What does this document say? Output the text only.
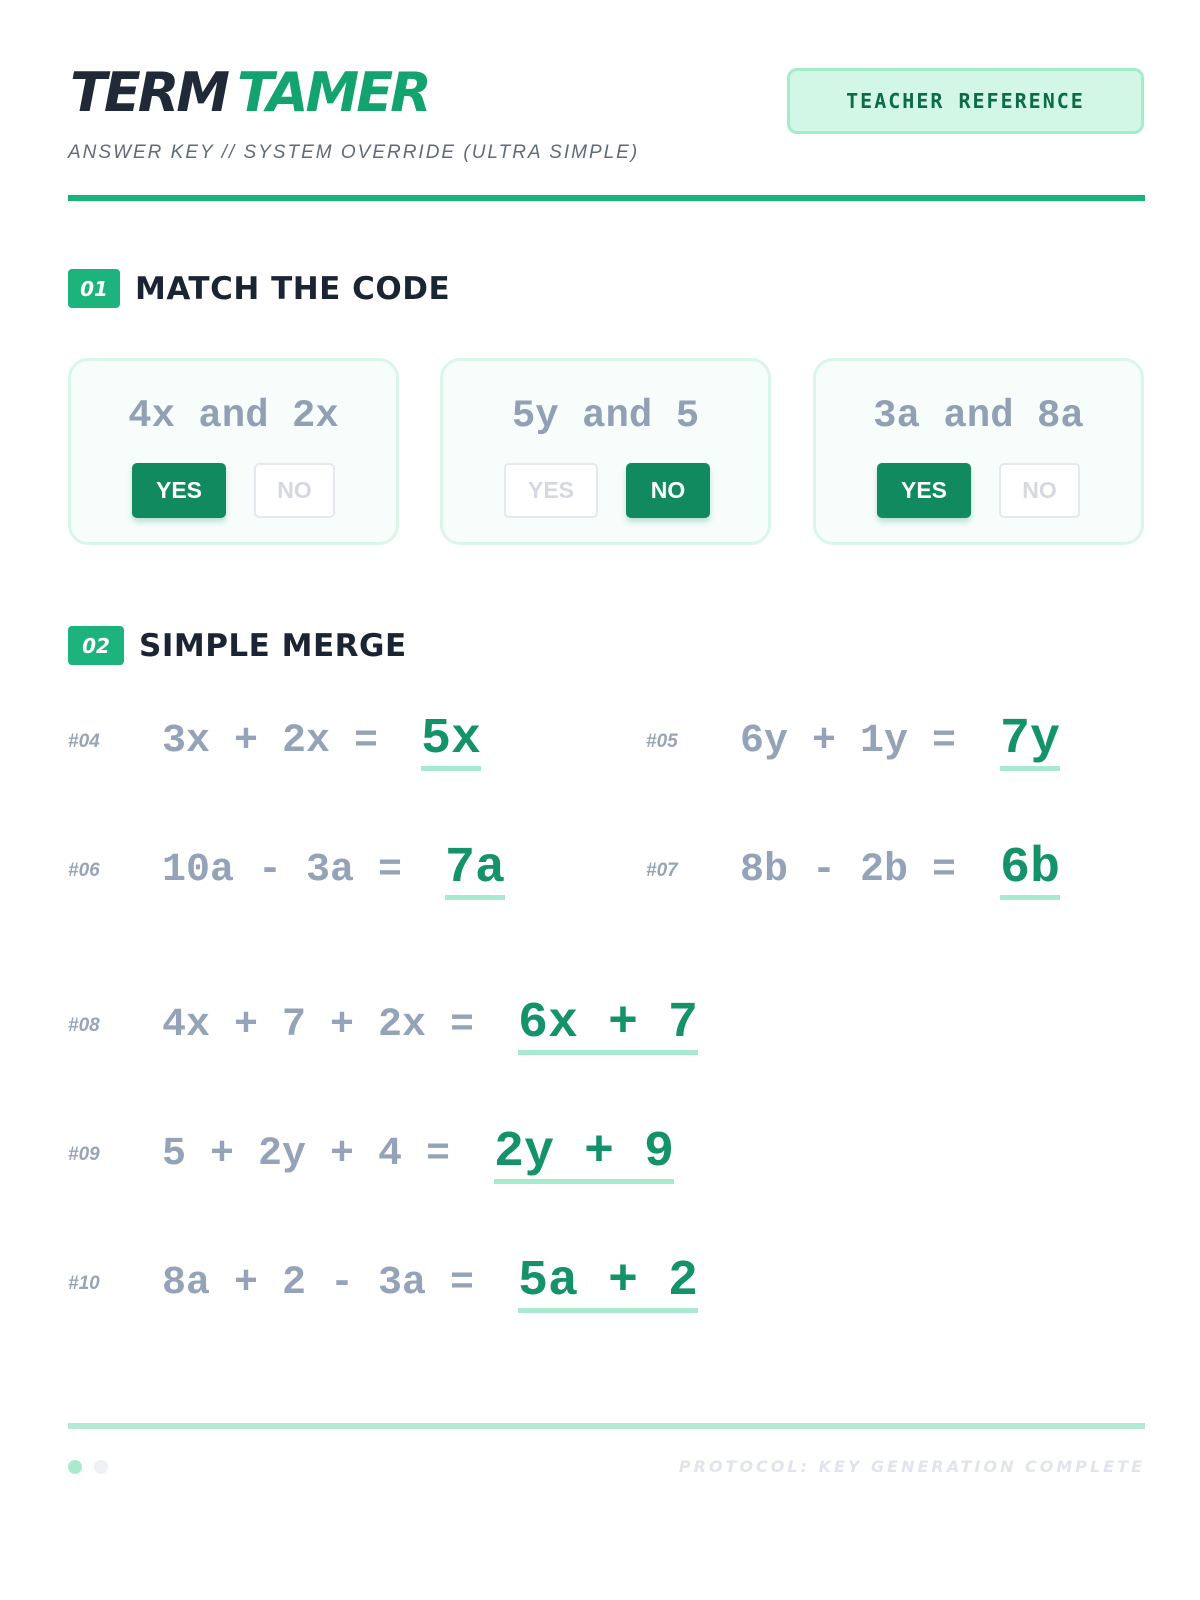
TERM TAMER
ANSWER KEY // SYSTEM OVERRIDE (ULTRA SIMPLE)
TEACHER REFERENCE
01 MATCH THE CODE
4x and 2x
YES	NO
5y and 5
YES	NO
3a and 8a
YES	NO
02 SIMPLE MERGE
#04 3x + 2x = 5x	#05 6y + 1y = 7y
#06 10a - 3a = 7a	#07 8b - 2b = 6b
#08 4x + 7 + 2x = 6x + 7
#09 5 + 2y + 4 = 2y + 9
#10 8a + 2 - 3a = 5a + 2
PROTOCOL: KEY GENERATION COMPLETE
